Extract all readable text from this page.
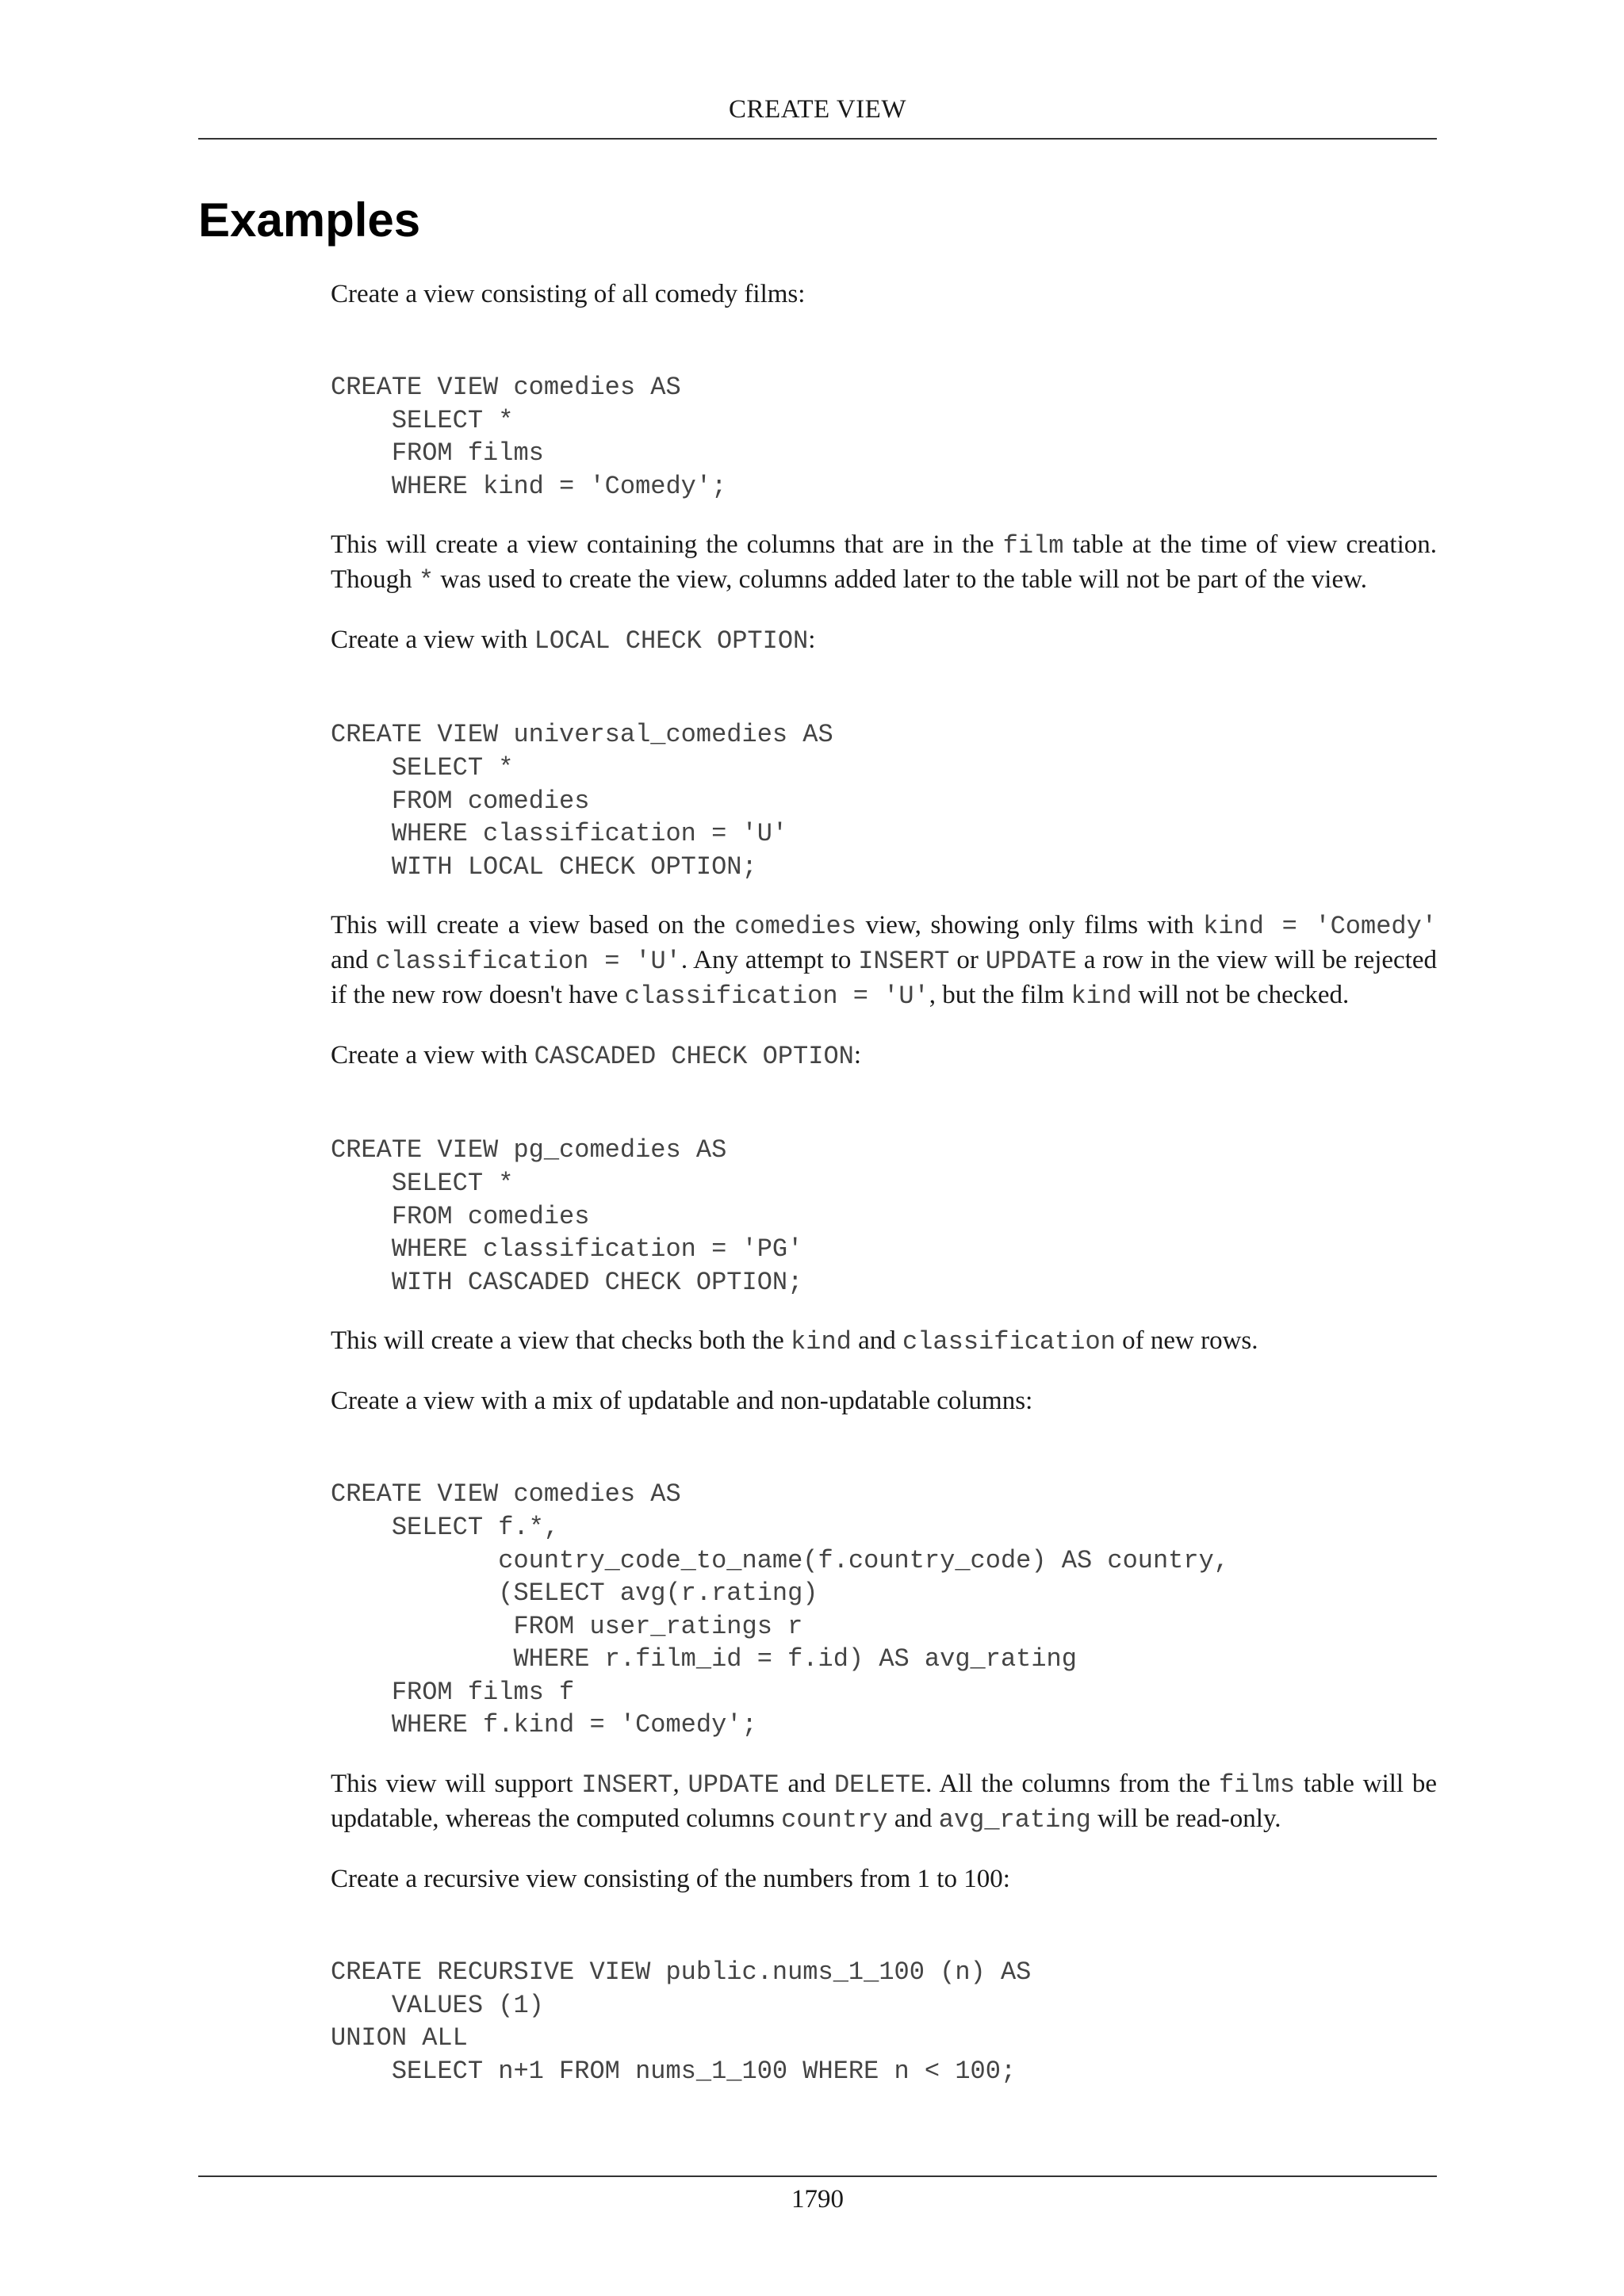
CREATE VIEW
Examples

Create a view consisting of all comedy films:

CREATE VIEW comedies AS
SELECT *
FROM films
WHERE kind = 'Comedy';

This will create a view containing the columns that are in the film table at the time of view creation. Though * was used to create the view, columns added later to the table will not be part of the view.

Create a view with LOCAL CHECK OPTION:

CREATE VIEW universal_comedies AS
SELECT *
FROM comedies
WHERE classification = 'U'
WITH LOCAL CHECK OPTION;

This will create a view based on the comedies view, showing only films with kind = 'Comedy' and classification = 'U'. Any attempt to INSERT or UPDATE a row in the view will be rejected if the new row doesn't have classification = 'U', but the film kind will not be checked.

Create a view with CASCADED CHECK OPTION:

CREATE VIEW pg_comedies AS
SELECT *
FROM comedies
WHERE classification = 'PG'
WITH CASCADED CHECK OPTION;

This will create a view that checks both the kind and classification of new rows.

Create a view with a mix of updatable and non-updatable columns:

CREATE VIEW comedies AS
SELECT f.*,
country_code_to_name(f.country_code) AS country,
(SELECT avg(r.rating)
FROM user_ratings r
WHERE r.film_id = f.id) AS avg_rating
FROM films f
WHERE f.kind = 'Comedy';

This view will support INSERT, UPDATE and DELETE. All the columns from the films table will be updatable, whereas the computed columns country and avg_rating will be read-only.

Create a recursive view consisting of the numbers from 1 to 100:

CREATE RECURSIVE VIEW public.nums_1_100 (n) AS
VALUES (1)
UNION ALL
SELECT n+1 FROM nums_1_100 WHERE n < 100;
1790
